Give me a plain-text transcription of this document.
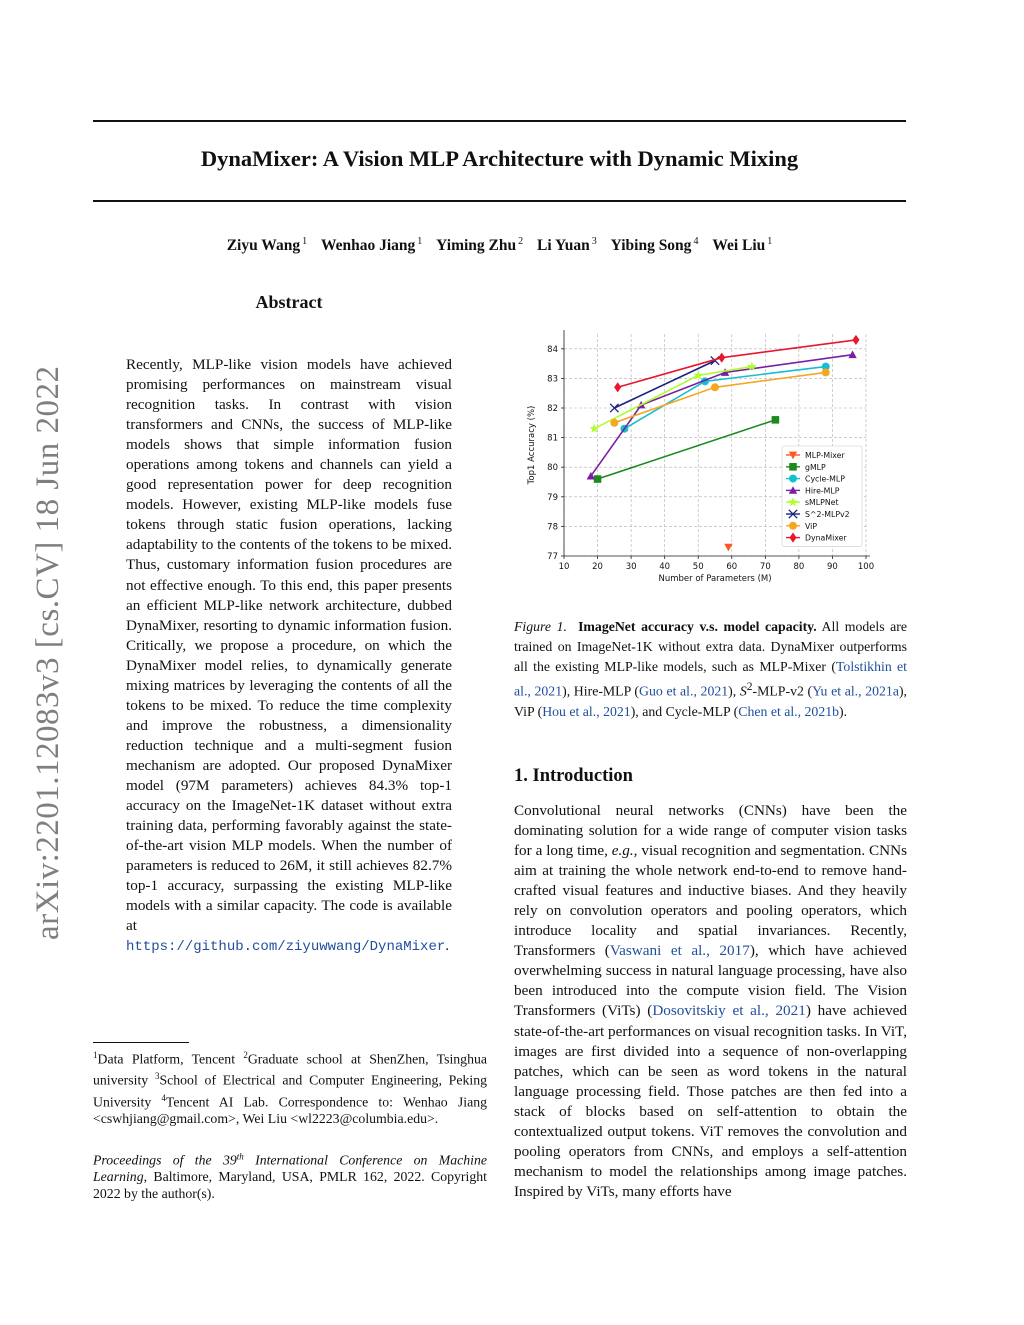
DynaMixer: A Vision MLP Architecture with Dynamic Mixing
Ziyu Wang $^1$ Wenhao Jiang $^1$ Yiming Zhu $^2$ Li Yuan $^3$ Yibing Song $^4$ Wei Liu $^1$
arXiv:2201.12083v3 [cs.CV] 18 Jun 2022
Abstract
Recently, MLP-like vision models have achieved promising performances on mainstream visual recognition tasks. In contrast with vision transformers and CNNs, the success of MLP-like models shows that simple information fusion operations among tokens and channels can yield a good representation power for deep recognition models. However, existing MLP-like models fuse tokens through static fusion operations, lacking adaptability to the contents of the tokens to be mixed. Thus, customary information fusion procedures are not effective enough. To this end, this paper presents an efficient MLP-like network architecture, dubbed DynaMixer, resorting to dynamic information fusion. Critically, we propose a procedure, on which the DynaMixer model relies, to dynamically generate mixing matrices by leveraging the contents of all the tokens to be mixed. To reduce the time complexity and improve the robustness, a dimensionality reduction technique and a multi-segment fusion mechanism are adopted. Our proposed DynaMixer model (97M parameters) achieves 84.3% top-1 accuracy on the ImageNet-1K dataset without extra training data, performing favorably against the state-of-the-art vision MLP models. When the number of parameters is reduced to 26M, it still achieves 82.7% top-1 accuracy, surpassing the existing MLP-like models with a similar capacity. The code is available at https://github.com/ziyuwwang/DynaMixer.
$^1$Data Platform, Tencent $^2$Graduate school at ShenZhen, Tsinghua university $^3$School of Electrical and Computer Engineering, Peking University $^4$Tencent AI Lab. Correspondence to: Wenhao Jiang <cswhjiang@gmail.com>, Wei Liu <wl2223@columbia.edu>.
Proceedings of the 39th International Conference on Machine Learning, Baltimore, Maryland, USA, PMLR 162, 2022. Copyright 2022 by the author(s).
10	20	30	40	50	60	70	80	90 100
77
78
79
80
81
82
83
84
Number of Parameters (M)
Top1 Accuracy (%)	MLP-Mixer
gMLP
Cycle-MLP
Hire-MLP
sMLPNet
S^2-MLPv2
ViP
DynaMixer
Figure 1. ImageNet accuracy v.s. model capacity. All models are trained on ImageNet-1K without extra data. DynaMixer outperforms all the existing MLP-like models, such as MLP-Mixer (Tolstikhin et al., 2021), Hire-MLP (Guo et al., 2021), $S^2-MLP-v2$ (Yu et al., 2021a), ViP (Hou et al., 2021), and Cycle-MLP (Chen et al., 2021b).
1. Introduction
Convolutional neural networks (CNNs) have been the dominating solution for a wide range of computer vision tasks for a long time, e.g., visual recognition and segmentation. CNNs aim at training the whole network end-to-end to remove hand-crafted visual features and inductive biases. And they heavily rely on convolution operators and pooling operators, which introduce locality and spatial invariances. Recently, Transformers (Vaswani et al., 2017), which have achieved overwhelming success in natural language processing, have also been introduced into the compute vision field. The Vision Transformers (ViTs) (Dosovitskiy et al., 2021) have achieved state-of-the-art performances on visual recognition tasks. In ViT, images are first divided into a sequence of non-overlapping patches, which can be seen as word tokens in the natural language processing field. Those patches are then fed into a stack of blocks based on self-attention to obtain the contextualized output tokens. ViT removes the convolution and pooling operators from CNNs, and employs a self-attention mechanism to model the relationships among image patches. Inspired by ViTs, many efforts have
